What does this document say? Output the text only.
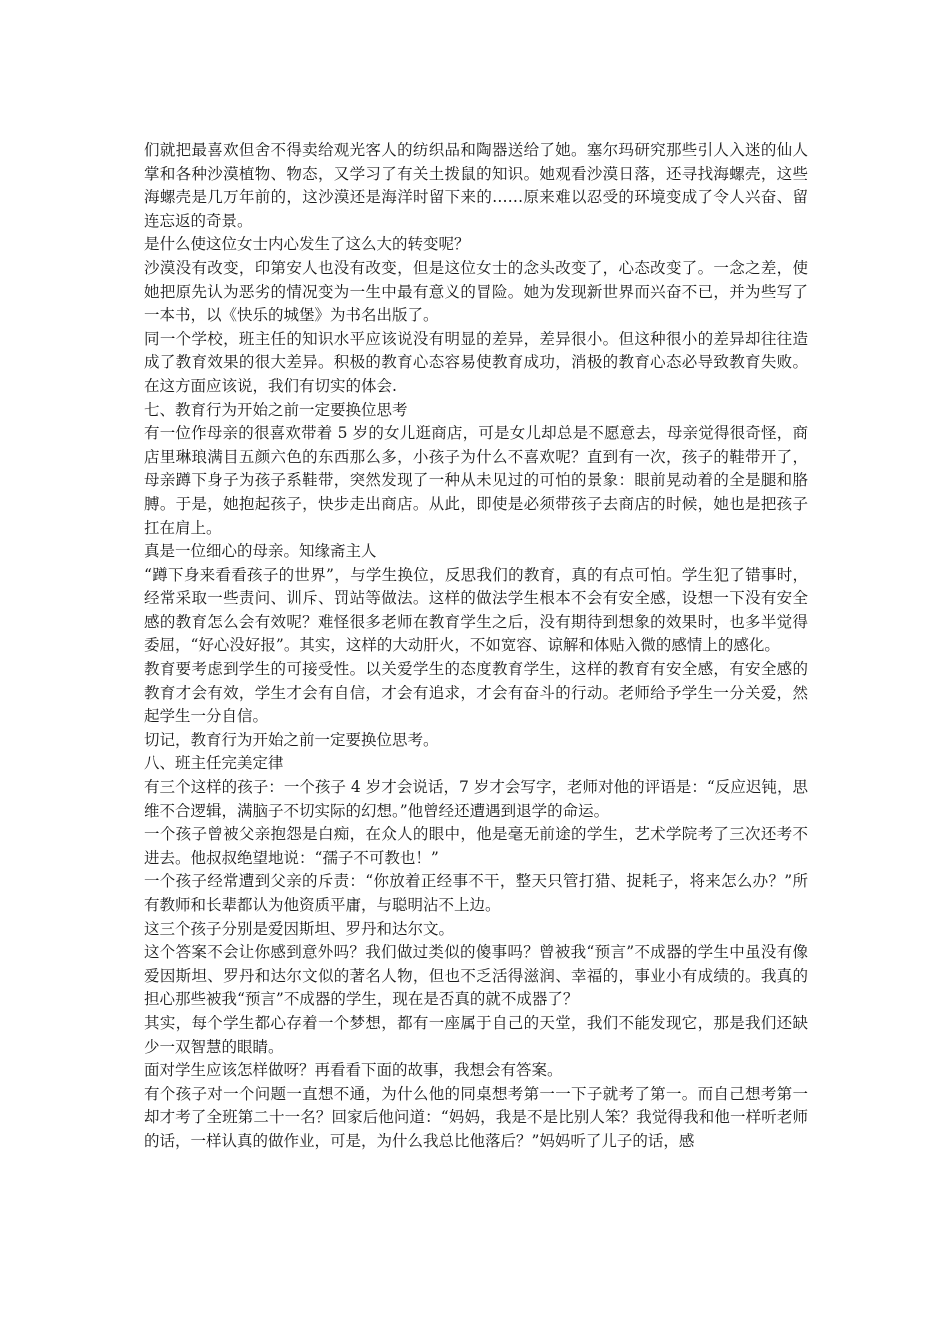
们就把最喜欢但舍不得卖给观光客人的纺织品和陶器送给了她。塞尔玛研究那些引人入迷的仙人掌和各种沙漠植物、物态，又学习了有关土拨鼠的知识。她观看沙漠日落，还寻找海螺壳，这些海螺壳是几万年前的，这沙漠还是海洋时留下来的……原来难以忍受的环境变成了令人兴奋、留连忘返的奇景。

是什么使这位女士内心发生了这么大的转变呢？

沙漠没有改变，印第安人也没有改变，但是这位女士的念头改变了，心态改变了。一念之差，使她把原先认为恶劣的情况变为一生中最有意义的冒险。她为发现新世界而兴奋不已，并为些写了一本书，以《快乐的城堡》为书名出版了。

同一个学校，班主任的知识水平应该说没有明显的差异，差异很小。但这种很小的差异却往往造成了教育效果的很大差异。积极的教育心态容易使教育成功，消极的教育心态必导致教育失败。在这方面应该说，我们有切实的体会.

七、教育行为开始之前一定要换位思考

有一位作母亲的很喜欢带着 5 岁的女儿逛商店，可是女儿却总是不愿意去，母亲觉得很奇怪，商店里琳琅满目五颜六色的东西那么多，小孩子为什么不喜欢呢？直到有一次，孩子的鞋带开了，母亲蹲下身子为孩子系鞋带，突然发现了一种从未见过的可怕的景象：眼前晃动着的全是腿和胳膊。于是，她抱起孩子，快步走出商店。从此，即使是必须带孩子去商店的时候，她也是把孩子扛在肩上。

真是一位细心的母亲。知缘斋主人

“蹲下身来看看孩子的世界”，与学生换位，反思我们的教育，真的有点可怕。学生犯了错事时，经常采取一些责问、训斥、罚站等做法。这样的做法学生根本不会有安全感，设想一下没有安全感的教育怎么会有效呢？难怪很多老师在教育学生之后，没有期待到想象的效果时，也多半觉得委屈，“好心没好报”。其实，这样的大动肝火，不如宽容、谅解和体贴入微的感情上的感化。

教育要考虑到学生的可接受性。以关爱学生的态度教育学生，这样的教育有安全感，有安全感的教育才会有效，学生才会有自信，才会有追求，才会有奋斗的行动。老师给予学生一分关爱，然起学生一分自信。

切记，教育行为开始之前一定要换位思考。

八、班主任完美定律

有三个这样的孩子：一个孩子 4 岁才会说话，7 岁才会写字，老师对他的评语是：“反应迟钝，思维不合逻辑，满脑子不切实际的幻想。”他曾经还遭遇到退学的命运。

一个孩子曾被父亲抱怨是白痴，在众人的眼中，他是毫无前途的学生，艺术学院考了三次还考不进去。他叔叔绝望地说：“孺子不可教也！”

一个孩子经常遭到父亲的斥责：“你放着正经事不干，整天只管打猎、捉耗子，将来怎么办？”所有教师和长辈都认为他资质平庸，与聪明沾不上边。

这三个孩子分别是爱因斯坦、罗丹和达尔文。

这个答案不会让你感到意外吗？我们做过类似的傻事吗？曾被我“预言”不成器的学生中虽没有像爱因斯坦、罗丹和达尔文似的著名人物，但也不乏活得滋润、幸福的，事业小有成绩的。我真的担心那些被我“预言”不成器的学生，现在是否真的就不成器了？

其实，每个学生都心存着一个梦想，都有一座属于自己的天堂，我们不能发现它，那是我们还缺少一双智慧的眼睛。

面对学生应该怎样做呀？再看看下面的故事，我想会有答案。

有个孩子对一个问题一直想不通，为什么他的同桌想考第一一下子就考了第一。而自己想考第一却才考了全班第二十一名？回家后他问道：“妈妈，我是不是比别人笨？我觉得我和他一样听老师的话，一样认真的做作业，可是，为什么我总比他落后？”妈妈听了儿子的话，感
